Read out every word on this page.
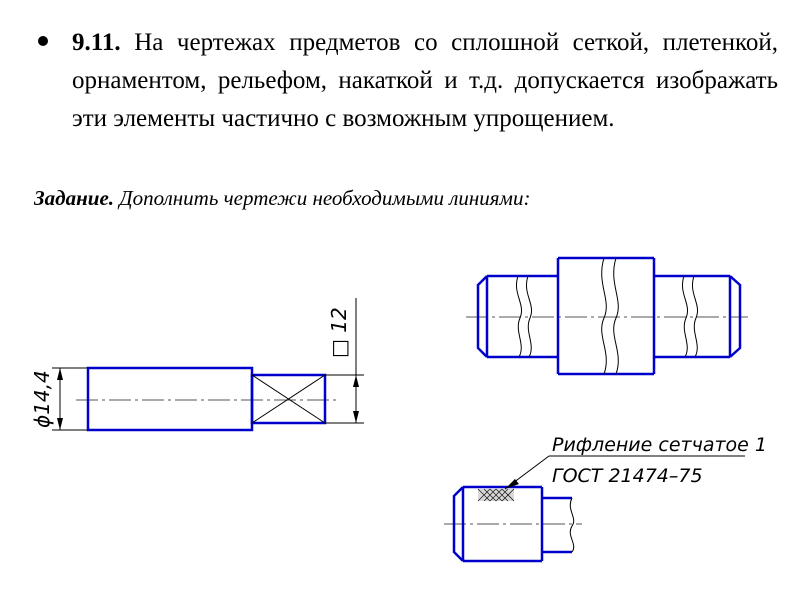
9.11. На чертежах предметов со сплошной сеткой, плетенкой, орнаментом, рельефом, накаткой и т.д. допускается изображать эти элементы частично с возможным упрощением.
Задание. Дополнить чертежи необходимыми линиями:
ϕ14,4
□ 12
Рифление сетчатое 1
ГОСТ 21474–75
